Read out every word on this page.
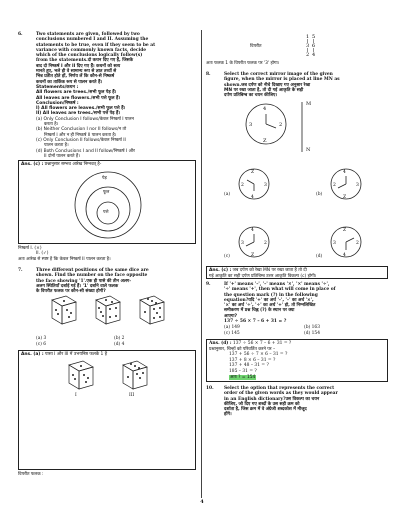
6.	Two statements are given, followed by two
conclusions numbered I and II. Assuming the
statements to be true, even if they seem to be at
variance with commonly known facts, decide
which of the conclusions logically follow(s)
from the statements.दो कथन दिए गए हैं, जिसके
बाद दो निष्कर्ष I और II दिए गए हैं। कथनों को सत्य
मानते हुए, भले ही वे सामान्य रूप से ज्ञात तथ्यों से
भिन्न प्रतीत होते हों, निर्णय लें कि कौन-से निष्कर्ष
कथनों का तार्किक रूप से पालन करते हैं।
Statements/कथन :
All flowers are trees./सभी फूल पेड़ हैं।
All leaves are flowers./सभी पत्ते फूल हैं।
Conclusion/निष्कर्ष :
I) All flowers are leaves./सभी फूल पत्ते हैं।
II) All leaves are trees./सभी पत्ते पेड़ हैं।
(a) Only Conclusion I follows/केवल निष्कर्ष I पालन
करता है।
(b) Neither Conclusion I nor II follows/न तो
निष्कर्ष I और न ही निष्कर्ष II पालन करता है।
(c) Only Conclusion II follows/केवल निष्कर्ष II
पालन करता है।
(d) Both Conclusions I and II follow/निष्कर्ष I और
II दोनों पालन करते हैं।
Ans. (c) : प्रश्नानुसार सम्भव आरेख निम्नवत् है-
पेड़
फूल
पत्ते
निष्कर्ष I. (×)
II. (✓)
अतः आरेख से स्पष्ट है कि केवल निष्कर्ष II पालन करता है।
7.	Three different positions of the same dice are
shown. Find the number on the face opposite
the face showing '1'.एक ही पासे की तीन अलग-
अलग स्थितियाँ दर्शाई गई हैं। '1' दर्शाने वाले फलक
के विपरीत फलक पर कौन-सी संख्या होगी?
(a) 3	(b) 2
(c) 6	(d) 4
Ans. (a) : पासा I और III में उभयनिष्ठ फलकें 1 है
I	III
विपरीत फलक :
विपरीत
1 5
3 6
2 4
अतः फलक 1 के विपरीत फलक पर '3' होगा।
8.	Select the correct mirror image of the given
figure, when the mirror is placed at line MN as
shown.जब दर्पण को नीचे दिखाए गए अनुसार रेखा
MN पर रखा जाता है, तो दी गई आकृति के सही
दर्पण प्रतिबिम्ब का चयन कीजिए।
4
Z
3	2
Z
4
2	3
4
Z
2	3
M
N
(a)	(b)
4
Z
3	2
Z
4
3	2
(c)	(d)
Ans. (c) : जब दर्पण को रेखा MN पर रखा जाता है तो दी
गई आकृति का सही दर्पण प्रतिबिम्ब उत्तर आकृति विकल्प (c) होगी।
9.	If '+' means '–', '–' means '×', '×' means '÷',
'÷' means '+', then what will come in place of
the question mark (?) in the following
equation?यदि '+' का अर्थ '–', '–' का अर्थ '×',
'×' का अर्थ '÷', '÷' का अर्थ '+' हो, तो निम्नलिखित
समीकरण में प्रश्न चिह्न (?) के स्थान पर क्या
आएगा?
137 ÷ 56 × 7 – 6 + 31 = ?
(a) 149	(b) 163
(c) 145	(d) 154
Ans. (d) : 137 ÷ 56 × 7 – 6 + 31 = ?
प्रश्नानुसार, चिन्हों को परिवर्तित करने पर –
137 + 56 ÷ 7 × 6 – 31 = ?
137 + 8 × 6 – 31 = ?
137 + 48 – 31 = ?
185 – 31 = ?
अतः ? = 154
10. Select the option that represents the correct
order of the given words as they would appear
in an English dictionary?उस विकल्प का चयन
कीजिए, जो दिए गए शब्दों के उस सही क्रम को
दर्शाता है, जिस क्रम में वे अंग्रेजी शब्दकोश में मौजूद
होंगे।
4
